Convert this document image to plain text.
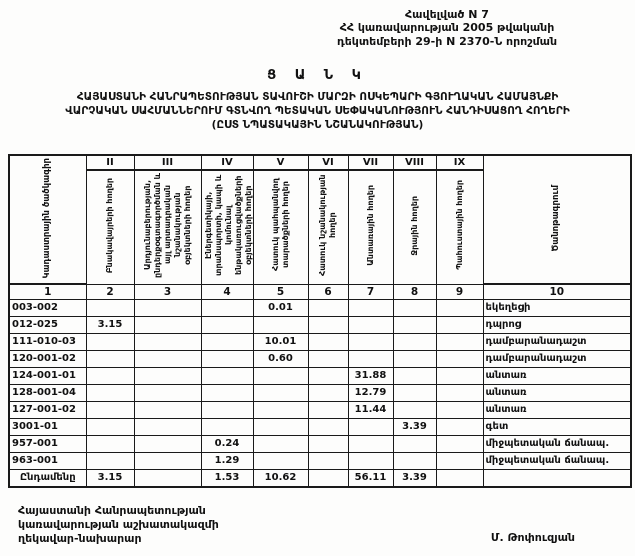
Հավելված N 7
ՀՀ կառավարության 2005 թվականի
դեկտեմբերի 29-ի N 2370-Ն որոշման
Ց Ա Ն Կ
ՀԱՅԱՍՏԱՆԻ ՀԱՆՐԱՊԵՏՈՒԹՅԱՆ ՏԱՎՈՒՇԻ ՄԱՐԶԻ ՈՍԿԵՊԱՐԻ ԳՅՈՒՂԱԿԱՆ ՀԱՄԱՅՆՔԻ
ՎԱՐՉԱԿԱՆ ՍԱՀՄԱՆՆԵՐՈՒՄ ԳՏՆՎՈՂ ՊԵՏԱԿԱՆ ՍԵՓԱԿԱՆՈՒԹՅՈՒՆ ՀԱՆԴԻՍԱՑՈՂ ՀՈՂԵՐԻ
(ԸՍՏ ՆՊԱՏԱԿԱՅԻՆ ՆՇԱՆԱԿՈՒԹՅԱՆ)
Կադաստրային ծածկագիր	II	III	IV	V	VI	VII	VIII	IX	Ծանոթագրում
	Բնակավայրերի հողեր	Արդյունաբերության, ընդերքօգտագործման և այլ արտադրական նշանակության օբյեկտների հողեր	Էներգետիկայի, տրանսպորտի, կապի և կոմունալ ենթակառուցվածքների օբյեկտների հողեր	Հատուկ պահպանվող տարածքների հողեր	Հատուկ նշանակության հողեր	Անտառային հողեր	Ջրային հողեր	Պահուստային հողեր	
1	2	3	4	5	6	7	8	9	10
003-002				0.01					եկեղեցի
012-025	3.15								դպրոց
111-010-03				10.01					դամբարանադաշտ
120-001-02				0.60					դամբարանադաշտ
124-001-01						31.88			անտառ
128-001-04						12.79			անտառ
127-001-02						11.44			անտառ
3001-01							3.39		գետ
957-001			0.24						միջպետական ճանապ.
963-001			1.29						միջպետական ճանապ.
Ընդամենը	3.15		1.53	10.62		56.11	3.39		
Հայաստանի Հանրապետության
կառավարության աշխատակազմի
ղեկավար-նախարար	Մ. Թոփուզյան
